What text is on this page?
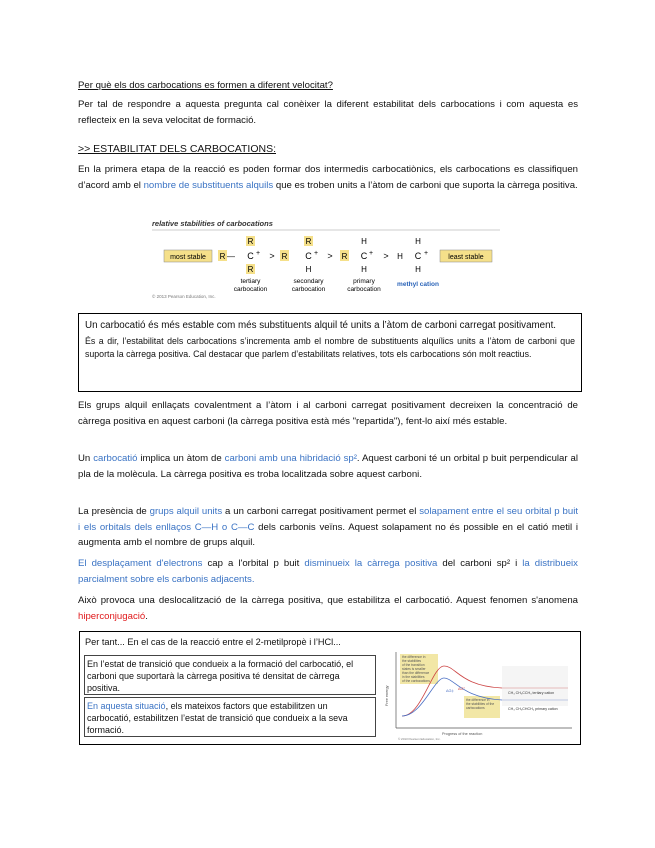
Per què els dos carbocations es formen a diferent velocitat?
Per tal de respondre a aquesta pregunta cal conèixer la diferent estabilitat dels carbocations i com aquesta es reflecteix en la seva velocitat de formació.
>> ESTABILITAT DELS CARBOCATIONS:
En la primera etapa de la reacció es poden formar dos intermedis carbocatiònics, els carbocations es classifiquen d’acord amb el nombre de substituents alquils que es troben units a l’àtom de carboni que suporta la càrrega positiva.
relative stabilities of carbocations
most stable
R
R — C +
R
tertiary
carbocation
>
R
R C +
H
secondary
carbocation
>
H
R C +
H
primary
carbocation
>
H
H C +
H
methyl cation
least stable
© 2013 Pearson Education, Inc.
Un carbocatió és més estable com més substituents alquil té units a l’àtom de carboni carregat positivament.
És a dir, l’estabilitat dels carbocations s’incrementa amb el nombre de substituents alquílics units a l’àtom de carboni que suporta la càrrega positiva. Cal destacar que parlem d’estabilitats relatives, tots els carbocations són molt reactius.
Els grups alquil enllaçats covalentment a l’àtom i al carboni carregat positivament decreixen la concentració de càrrega positiva en aquest carboni (la càrrega positiva està més "repartida"), fent-lo així més estable.
Un carbocatió implica un àtom de carboni amb una hibridació sp². Aquest carboni té un orbital p buit perpendicular al pla de la molècula. La càrrega positiva es troba localitzada sobre aquest carboni.
La presència de grups alquil units a un carboni carregat positivament permet el solapament entre el seu orbital p buit i els orbitals dels enllaços C—H o C—C dels carbonis veïns. Aquest solapament no és possible en el catió metil i augmenta amb el nombre de grups alquil.
El desplaçament d'electrons cap a l'orbital p buit disminueix la càrrega positiva del carboni sp² i la distribueix parcialment sobre els carbonis adjacents.
Això provoca una deslocalització de la càrrega positiva, que estabilitza el carbocatió. Aquest fenomen s'anomena hiperconjugació.
Per tant... En el cas de la reacció entre el 2-metilpropè i l’HCl...
En l’estat de transició que condueix a la formació del carbocatió, el carboni que suportarà la càrrega positiva té densitat de càrrega positiva.
En aquesta situació, els mateixos factors que estabilitzen un carbocatió, estabilitzen l’estat de transició que condueix a la seva formació.
Free energy
Progress of the reaction
the difference in the stabilities of the transition states is smaller than the difference in the stabilities of the carbocations
the difference in the stabilities of the carbocations
ΔG‡ ΔG°
CH₃ CH₃CCH₃ tertiary cation
CH₃ CH₃CHCH₂ primary cation
© 2013 Pearson Education, Inc.
